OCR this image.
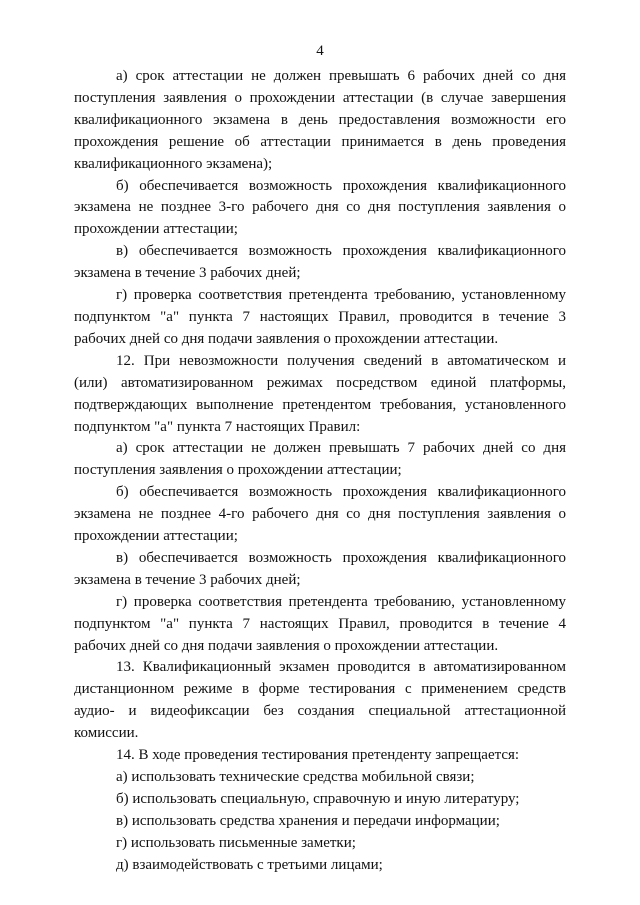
4

а) срок аттестации не должен превышать 6 рабочих дней со дня поступления заявления о прохождении аттестации (в случае завершения квалификационного экзамена в день предоставления возможности его прохождения решение об аттестации принимается в день проведения квалификационного экзамена);

б) обеспечивается возможность прохождения квалификационного экзамена не позднее 3-го рабочего дня со дня поступления заявления о прохождении аттестации;

в) обеспечивается возможность прохождения квалификационного экзамена в течение 3 рабочих дней;

г) проверка соответствия претендента требованию, установленному подпунктом "а" пункта 7 настоящих Правил, проводится в течение 3 рабочих дней со дня подачи заявления о прохождении аттестации.

12. При невозможности получения сведений в автоматическом и (или) автоматизированном режимах посредством единой платформы, подтверждающих выполнение претендентом требования, установленного подпунктом "а" пункта 7 настоящих Правил:

а) срок аттестации не должен превышать 7 рабочих дней со дня поступления заявления о прохождении аттестации;

б) обеспечивается возможность прохождения квалификационного экзамена не позднее 4-го рабочего дня со дня поступления заявления о прохождении аттестации;

в) обеспечивается возможность прохождения квалификационного экзамена в течение 3 рабочих дней;

г) проверка соответствия претендента требованию, установленному подпунктом "а" пункта 7 настоящих Правил, проводится в течение 4 рабочих дней со дня подачи заявления о прохождении аттестации.

13. Квалификационный экзамен проводится в автоматизированном дистанционном режиме в форме тестирования с применением средств аудио- и видеофиксации без создания специальной аттестационной комиссии.

14. В ходе проведения тестирования претенденту запрещается:

а) использовать технические средства мобильной связи;

б) использовать специальную, справочную и иную литературу;

в) использовать средства хранения и передачи информации;

г) использовать письменные заметки;

д) взаимодействовать с третьими лицами;
